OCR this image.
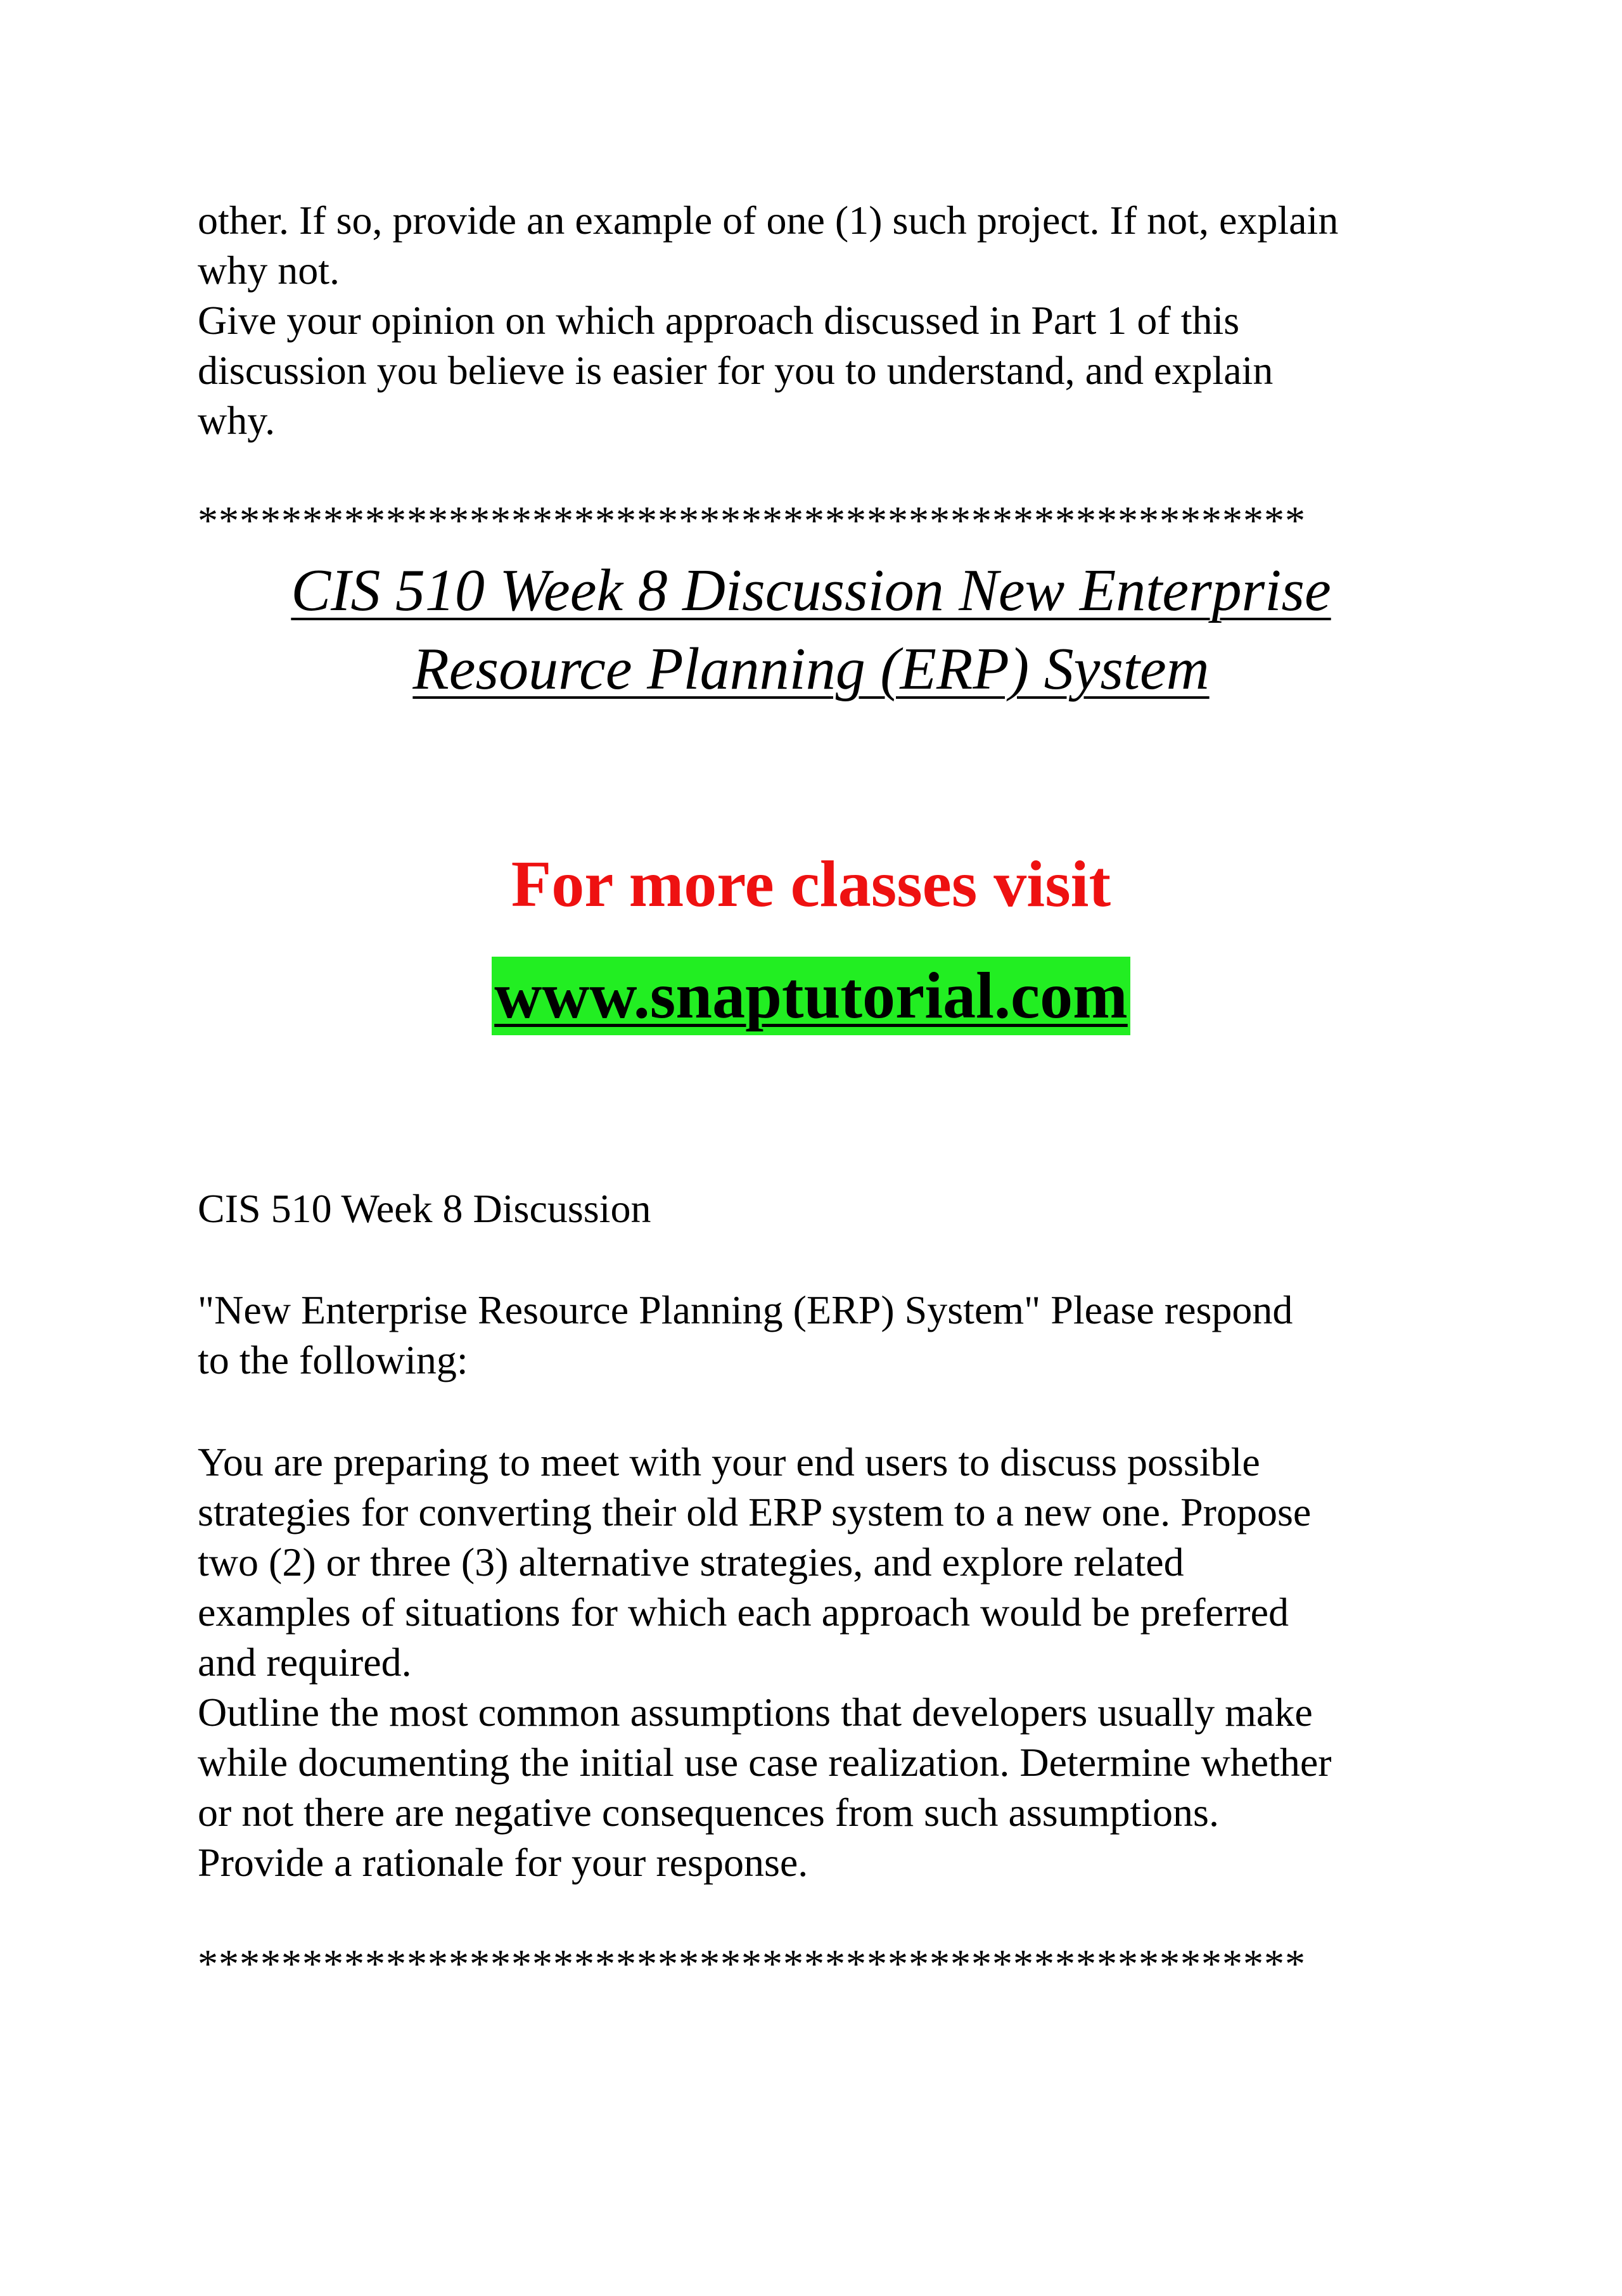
other. If so, provide an example of one (1) such project. If not, explain

why not.

Give your opinion on which approach discussed in Part 1 of this

discussion you believe is easier for you to understand, and explain

why.

*****************************************************

CIS 510 Week 8 Discussion New Enterprise

Resource Planning (ERP) System

For more classes visit
www.snaptutorial.com

CIS 510 Week 8 Discussion

"New Enterprise Resource Planning (ERP) System" Please respond

to the following:

You are preparing to meet with your end users to discuss possible

strategies for converting their old ERP system to a new one. Propose

two (2) or three (3) alternative strategies, and explore related

examples of situations for which each approach would be preferred

and required.

Outline the most common assumptions that developers usually make

while documenting the initial use case realization. Determine whether

or not there are negative consequences from such assumptions.

Provide a rationale for your response.

*****************************************************
